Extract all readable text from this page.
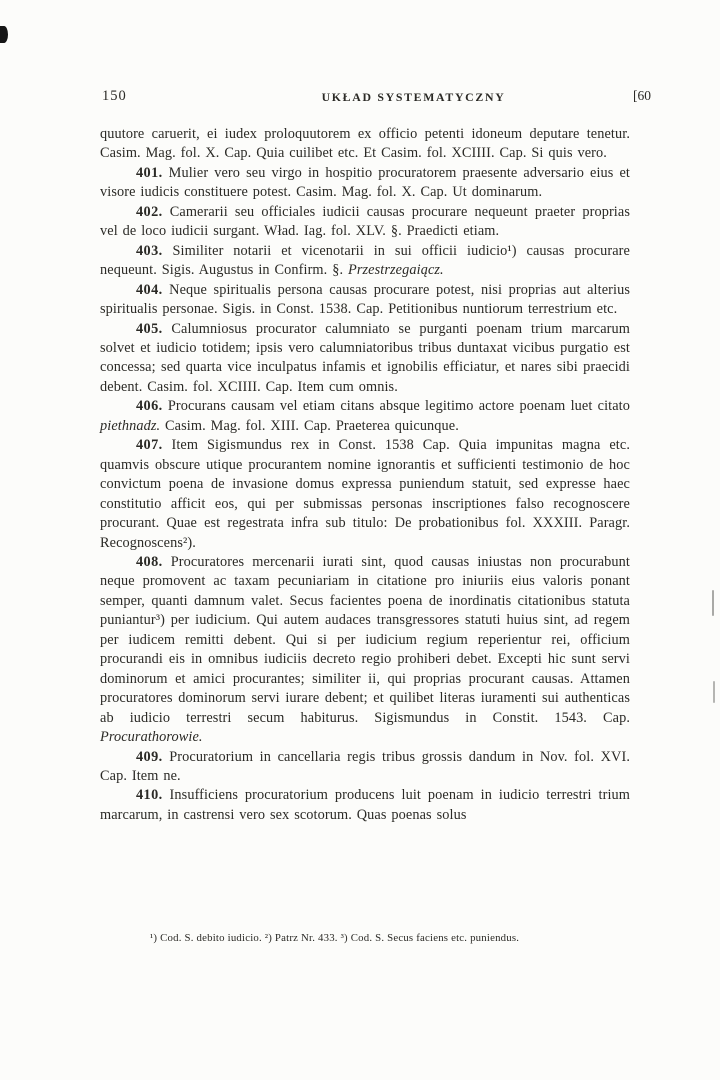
150	UKŁAD SYSTEMATYCZNY	[60

quutore caruerit, ei iudex proloquutorem ex officio petenti idoneum deputare tenetur. Casim. Mag. fol. X. Cap. Quia cuilibet etc. Et Casim. fol. XCIIII. Cap. Si quis vero.

401. Mulier vero seu virgo in hospitio procuratorem praesente adversario eius et visore iudicis constituere potest. Casim. Mag. fol. X. Cap. Ut dominarum.

402. Camerarii seu officiales iudicii causas procurare nequeunt praeter proprias vel de loco iudicii surgant. Wład. Iag. fol. XLV. §. Praedicti etiam.

403. Similiter notarii et vicenotarii in sui officii iudicio¹) causas procurare nequeunt. Sigis. Augustus in Confirm. §. Przestrzegaiącz.

404. Neque spiritualis persona causas procurare potest, nisi proprias aut alterius spiritualis personae. Sigis. in Const. 1538. Cap. Petitionibus nuntiorum terrestrium etc.

405. Calumniosus procurator calumniato se purganti poenam trium marcarum solvet et iudicio totidem; ipsis vero calumniatoribus tribus duntaxat vicibus purgatio est concessa; sed quarta vice inculpatus infamis et ignobilis efficiatur, et nares sibi praecidi debent. Casim. fol. XCIIII. Cap. Item cum omnis.

406. Procurans causam vel etiam citans absque legitimo actore poenam luet citato piethnadz. Casim. Mag. fol. XIII. Cap. Praeterea quicunque.

407. Item Sigismundus rex in Const. 1538 Cap. Quia impunitas magna etc. quamvis obscure utique procurantem nomine ignorantis et sufficienti testimonio de hoc convictum poena de invasione domus expressa puniendum statuit, sed expresse haec constitutio afficit eos, qui per submissas personas inscriptiones falso recognoscere procurant. Quae est regestrata infra sub titulo: De probationibus fol. XXXIII. Paragr. Recognoscens²).

408. Procuratores mercenarii iurati sint, quod causas iniustas non procurabunt neque promovent ac taxam pecuniariam in citatione pro iniuriis eius valoris ponant semper, quanti damnum valet. Secus facientes poena de inordinatis citationibus statuta puniantur³) per iudicium. Qui autem audaces transgressores statuti huius sint, ad regem per iudicem remitti debent. Qui si per iudicium regium reperientur rei, officium procurandi eis in omnibus iudiciis decreto regio prohiberi debet. Excepti hic sunt servi dominorum et amici procurantes; similiter ii, qui proprias procurant causas. Attamen procuratores dominorum servi iurare debent; et quilibet literas iuramenti sui authenticas ab iudicio terrestri secum habiturus. Sigismundus in Constit. 1543. Cap. Procurathorowie.

409. Procuratorium in cancellaria regis tribus grossis dandum in Nov. fol. XVI. Cap. Item ne.

410. Insufficiens procuratorium producens luit poenam in iudicio terrestri trium marcarum, in castrensi vero sex scotorum. Quas poenas solus

¹) Cod. S. debito iudicio. ²) Patrz Nr. 433. ³) Cod. S. Secus faciens etc. puniendus.
